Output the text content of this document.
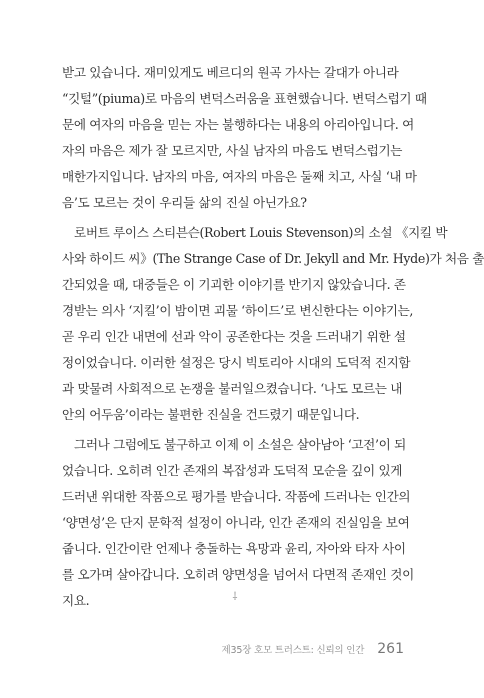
받고 있습니다. 재미있게도 베르디의 원곡 가사는 갈대가 아니라
“깃털”(piuma)로 마음의 변덕스러움을 표현했습니다. 변덕스럽기 때
문에 여자의 마음을 믿는 자는 불행하다는 내용의 아리아입니다. 여
자의 마음은 제가 잘 모르지만, 사실 남자의 마음도 변덕스럽기는
매한가지입니다. 남자의 마음, 여자의 마음은 둘째 치고, 사실 ‘내 마
음’도 모르는 것이 우리들 삶의 진실 아닌가요?
로버트 루이스 스티븐슨(Robert Louis Stevenson)의 소설 《지킬 박
사와 하이드 씨》(The Strange Case of Dr. Jekyll and Mr. Hyde)가 처음 출
간되었을 때, 대중들은 이 기괴한 이야기를 반기지 않았습니다. 존
경받는 의사 ‘지킬’이 밤이면 괴물 ‘하이드’로 변신한다는 이야기는,
곧 우리 인간 내면에 선과 악이 공존한다는 것을 드러내기 위한 설
정이었습니다. 이러한 설정은 당시 빅토리아 시대의 도덕적 진지함
과 맞물려 사회적으로 논쟁을 불러일으켰습니다. ‘나도 모르는 내
안의 어두움’이라는 불편한 진실을 건드렸기 때문입니다.
그러나 그럼에도 불구하고 이제 이 소설은 살아남아 ‘고전’이 되
었습니다. 오히려 인간 존재의 복잡성과 도덕적 모순을 깊이 있게
드러낸 위대한 작품으로 평가를 받습니다. 작품에 드러나는 인간의
‘양면성’은 단지 문학적 설정이 아니라, 인간 존재의 진실임을 보여
줍니다. 인간이란 언제나 충돌하는 욕망과 윤리, 자아와 타자 사이
를 오가며 살아갑니다. 오히려 양면성을 넘어서 다면적 존재인 것이
지요.	⸸
제35장 호모 트러스트: 신뢰의 인간 261
